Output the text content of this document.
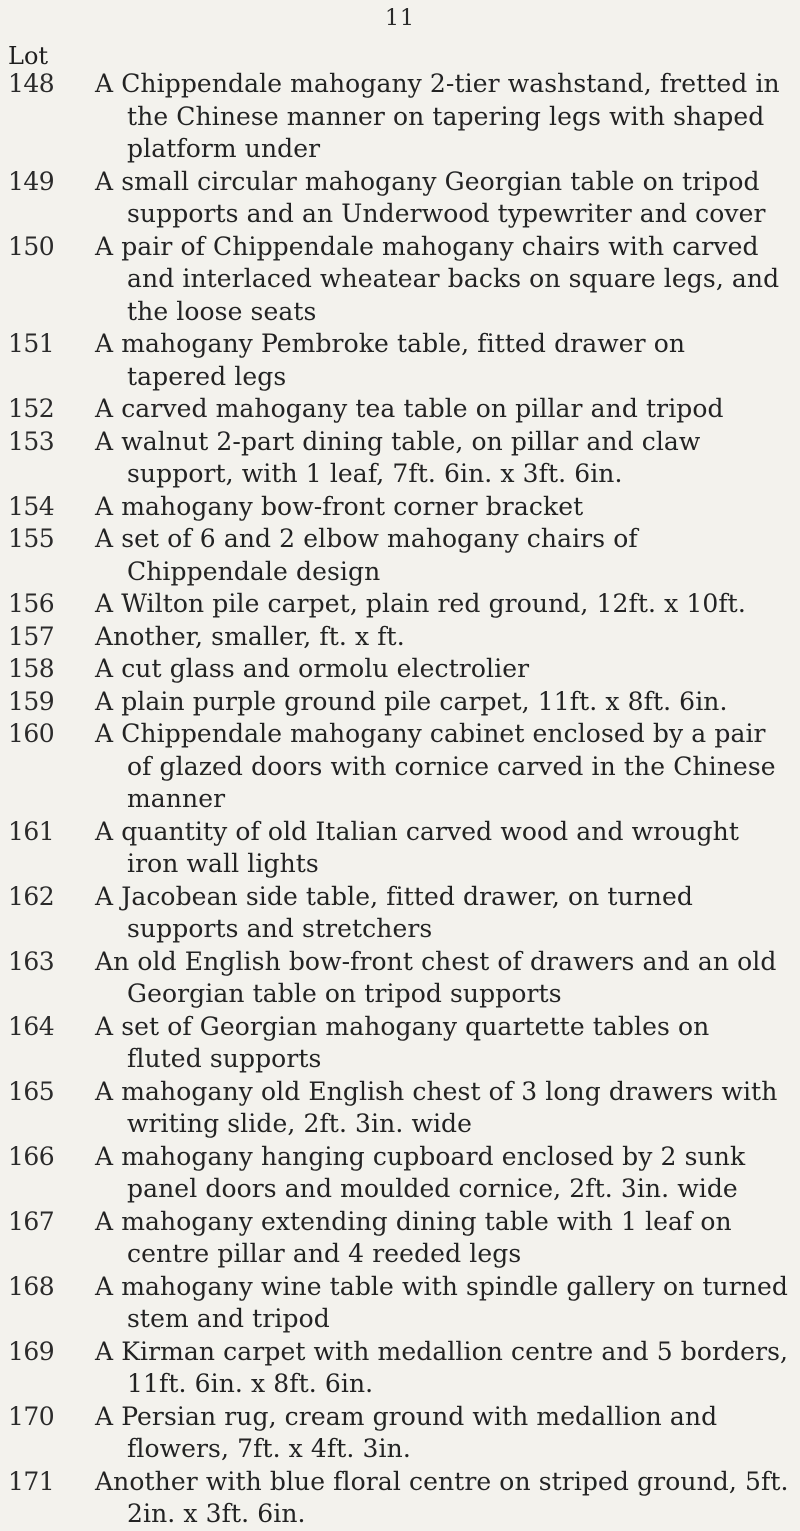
11
Lot
148	A Chippendale mahogany 2-tier washstand, fretted in the Chinese manner on tapering legs with shaped platform under
149	A small circular mahogany Georgian table on tripod supports and an Underwood typewriter and cover
150	A pair of Chippendale mahogany chairs with carved and interlaced wheatear backs on square legs, and the loose seats
151	A mahogany Pembroke table, fitted drawer on tapered legs
152	A carved mahogany tea table on pillar and tripod
153	A walnut 2-part dining table, on pillar and claw support, with 1 leaf, 7ft. 6in. x 3ft. 6in.
154	A mahogany bow-front corner bracket
155	A set of 6 and 2 elbow mahogany chairs of Chippendale design
156	A Wilton pile carpet, plain red ground, 12ft. x 10ft.
157	Another, smaller, ft. x ft.
158	A cut glass and ormolu electrolier
159	A plain purple ground pile carpet, 11ft. x 8ft. 6in.
160	A Chippendale mahogany cabinet enclosed by a pair of glazed doors with cornice carved in the Chinese manner
161	A quantity of old Italian carved wood and wrought iron wall lights
162	A Jacobean side table, fitted drawer, on turned supports and stretchers
163	An old English bow-front chest of drawers and an old Georgian table on tripod supports
164	A set of Georgian mahogany quartette tables on fluted supports
165	A mahogany old English chest of 3 long drawers with writing slide, 2ft. 3in. wide
166	A mahogany hanging cupboard enclosed by 2 sunk panel doors and moulded cornice, 2ft. 3in. wide
167	A mahogany extending dining table with 1 leaf on centre pillar and 4 reeded legs
168	A mahogany wine table with spindle gallery on turned stem and tripod
169	A Kirman carpet with medallion centre and 5 borders, 11ft. 6in. x 8ft. 6in.
170	A Persian rug, cream ground with medallion and flowers, 7ft. x 4ft. 3in.
171	Another with blue floral centre on striped ground, 5ft. 2in. x 3ft. 6in.
